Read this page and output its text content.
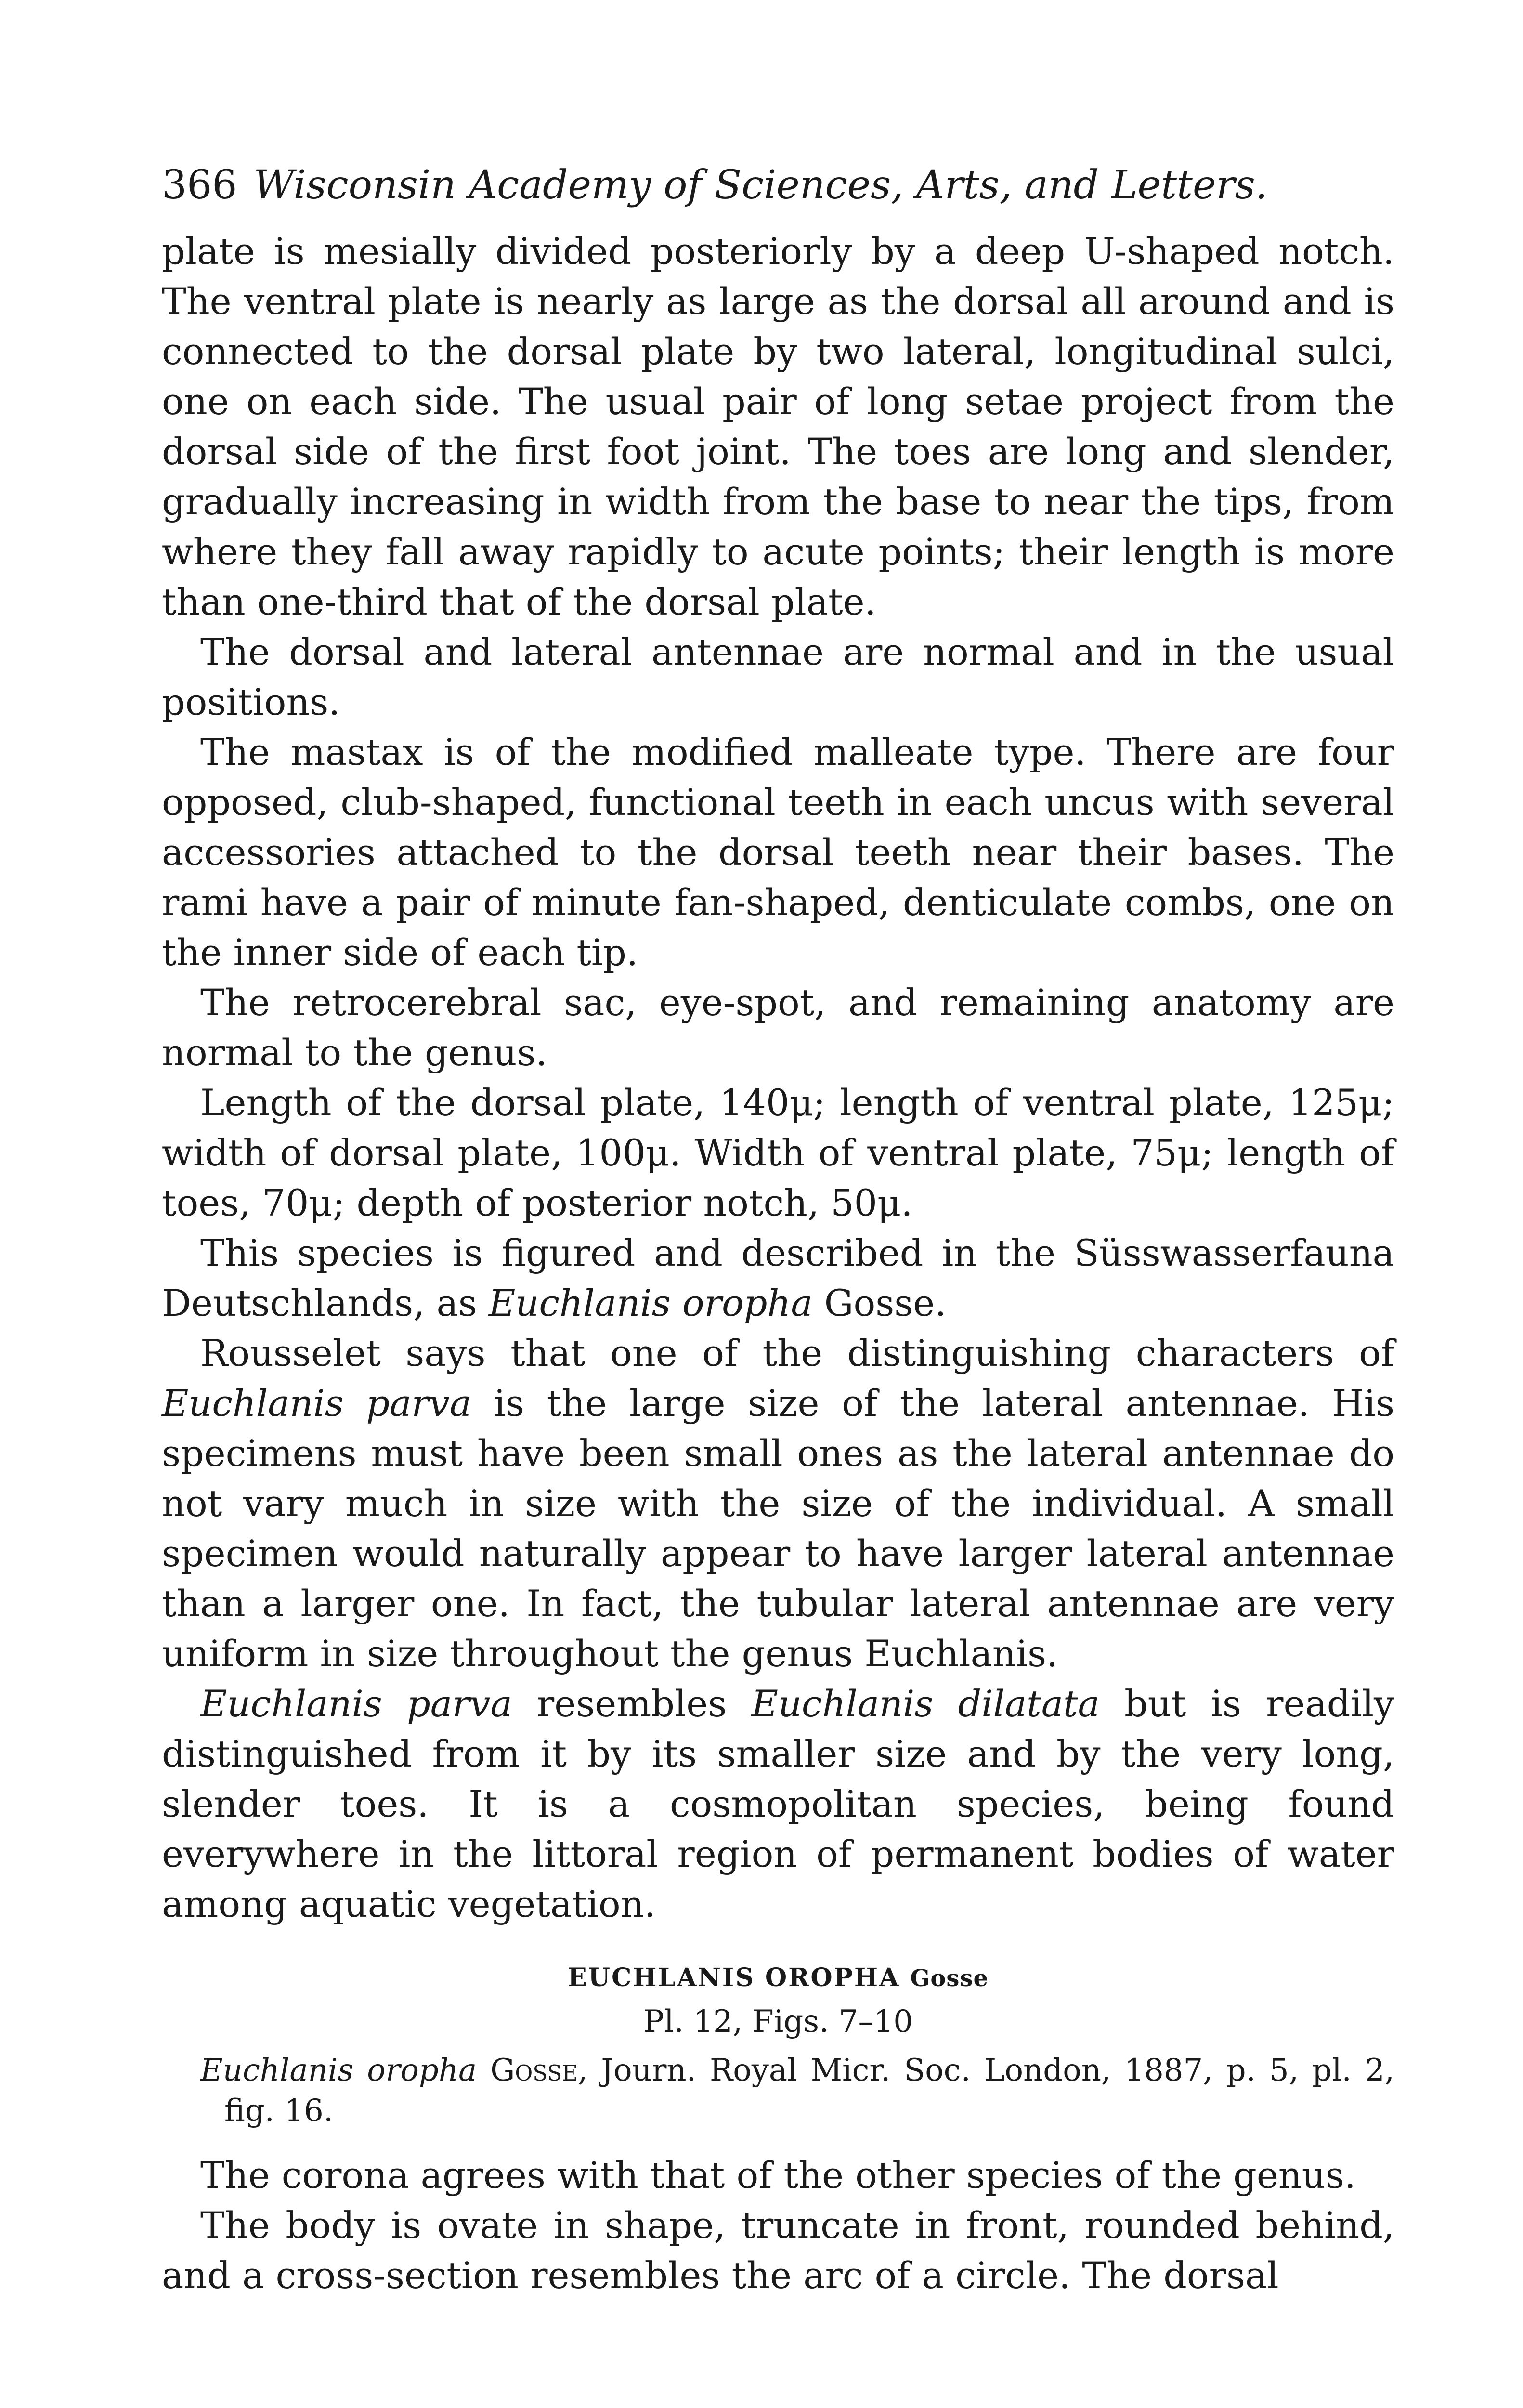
366 Wisconsin Academy of Sciences, Arts, and Letters.

plate is mesially divided posteriorly by a deep U-shaped notch. The ventral plate is nearly as large as the dorsal all around and is connected to the dorsal plate by two lateral, longitudinal sulci, one on each side. The usual pair of long setae project from the dorsal side of the first foot joint. The toes are long and slender, gradually increasing in width from the base to near the tips, from where they fall away rapidly to acute points; their length is more than one-third that of the dorsal plate.

The dorsal and lateral antennae are normal and in the usual positions.

The mastax is of the modified malleate type. There are four opposed, club-shaped, functional teeth in each uncus with several accessories attached to the dorsal teeth near their bases. The rami have a pair of minute fan-shaped, denticulate combs, one on the inner side of each tip.

The retrocerebral sac, eye-spot, and remaining anatomy are normal to the genus.

Length of the dorsal plate, 140μ; length of ventral plate, 125μ; width of dorsal plate, 100μ. Width of ventral plate, 75μ; length of toes, 70μ; depth of posterior notch, 50μ.

This species is figured and described in the Süsswasserfauna Deutschlands, as Euchlanis oropha Gosse.

Rousselet says that one of the distinguishing characters of Euchlanis parva is the large size of the lateral antennae. His specimens must have been small ones as the lateral antennae do not vary much in size with the size of the individual. A small specimen would naturally appear to have larger lateral antennae than a larger one. In fact, the tubular lateral antennae are very uniform in size throughout the genus Euchlanis.

Euchlanis parva resembles Euchlanis dilatata but is readily distinguished from it by its smaller size and by the very long, slender toes. It is a cosmopolitan species, being found everywhere in the littoral region of permanent bodies of water among aquatic vegetation.

EUCHLANIS OROPHA Gosse
Pl. 12, Figs. 7–10
Euchlanis oropha Gosse, Journ. Royal Micr. Soc. London, 1887, p. 5, pl. 2, fig. 16.

The corona agrees with that of the other species of the genus.

The body is ovate in shape, truncate in front, rounded behind, and a cross-section resembles the arc of a circle. The dorsal
